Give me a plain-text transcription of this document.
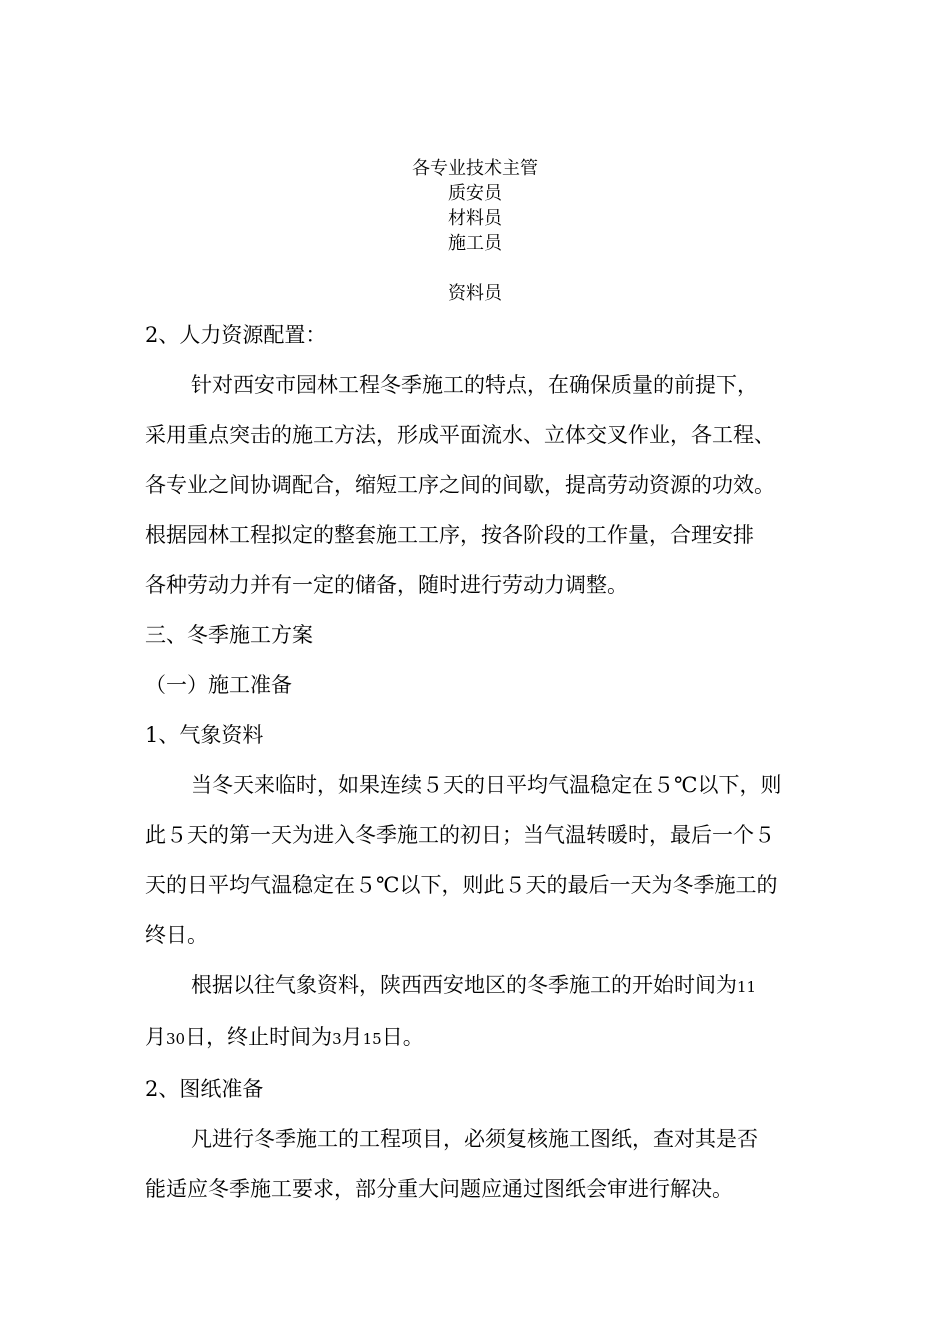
各专业技术主管
质安员
材料员
施工员
资料员

2、人力资源配置：

针对西安市园林工程冬季施工的特点，在确保质量的前提下，

采用重点突击的施工方法，形成平面流水、立体交叉作业，各工程、

各专业之间协调配合，缩短工序之间的间歇，提高劳动资源的功效。

根据园林工程拟定的整套施工工序，按各阶段的工作量，合理安排

各种劳动力并有一定的储备，随时进行劳动力调整。

三、冬季施工方案

（一）施工准备

1、气象资料

当冬天来临时，如果连续５天的日平均气温稳定在５℃以下，则

此５天的第一天为进入冬季施工的初日；当气温转暖时，最后一个５

天的日平均气温稳定在５℃以下，则此５天的最后一天为冬季施工的

终日。

根据以往气象资料，陕西西安地区的冬季施工的开始时间为11

月30日，终止时间为3月15日。

2、图纸准备

凡进行冬季施工的工程项目，必须复核施工图纸，查对其是否

能适应冬季施工要求，部分重大问题应通过图纸会审进行解决。
